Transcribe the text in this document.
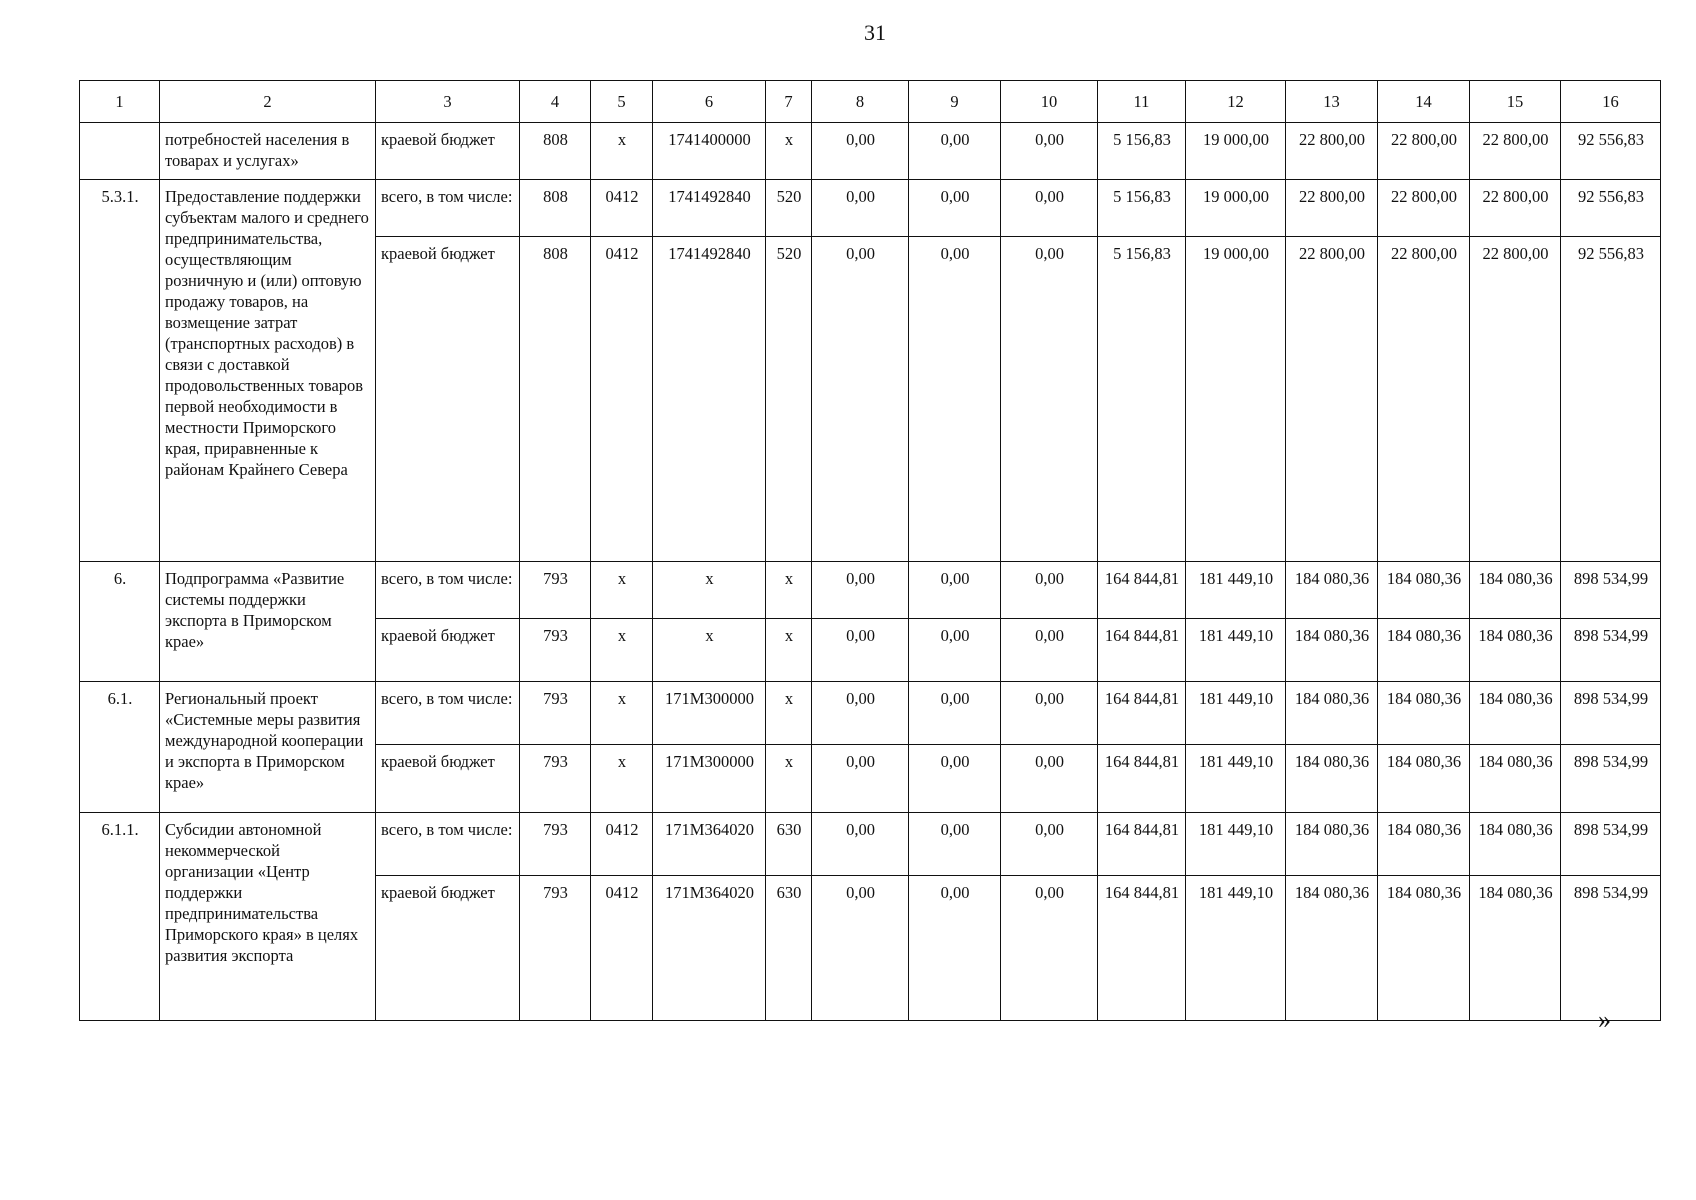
31
1	2	3	4	5	6	7	8	9	10	11	12	13	14	15	16
	потребностей населения в товарах и услугах»	краевой бюджет	808	x	1741400000	x	0,00	0,00	0,00	5 156,83	19 000,00	22 800,00	22 800,00	22 800,00	92 556,83
5.3.1.	Предоставление поддержки субъектам малого и среднего предпринимательства, осуществляющим розничную и (или) оптовую продажу товаров, на возмещение затрат (транспортных расходов) в связи с доставкой продовольственных товаров первой необходимости в местности Приморского края, приравненные к районам Крайнего Севера	всего, в том числе:	808	0412	1741492840	520	0,00	0,00	0,00	5 156,83	19 000,00	22 800,00	22 800,00	22 800,00	92 556,83
		краевой бюджет	808	0412	1741492840	520	0,00	0,00	0,00	5 156,83	19 000,00	22 800,00	22 800,00	22 800,00	92 556,83
6.	Подпрограмма «Развитие системы поддержки экспорта в Приморском крае»	всего, в том числе:	793	x	x	x	0,00	0,00	0,00	164 844,81	181 449,10	184 080,36	184 080,36	184 080,36	898 534,99
		краевой бюджет	793	x	x	x	0,00	0,00	0,00	164 844,81	181 449,10	184 080,36	184 080,36	184 080,36	898 534,99
6.1.	Региональный проект «Системные меры развития международной кооперации и экспорта в Приморском крае»	всего, в том числе:	793	x	171M300000	x	0,00	0,00	0,00	164 844,81	181 449,10	184 080,36	184 080,36	184 080,36	898 534,99
		краевой бюджет	793	x	171M300000	x	0,00	0,00	0,00	164 844,81	181 449,10	184 080,36	184 080,36	184 080,36	898 534,99
6.1.1.	Субсидии автономной некоммерческой организации «Центр поддержки предпринимательства Приморского края» в целях развития экспорта	всего, в том числе:	793	0412	171M364020	630	0,00	0,00	0,00	164 844,81	181 449,10	184 080,36	184 080,36	184 080,36	898 534,99
		краевой бюджет	793	0412	171M364020	630	0,00	0,00	0,00	164 844,81	181 449,10	184 080,36	184 080,36	184 080,36	898 534,99
»
